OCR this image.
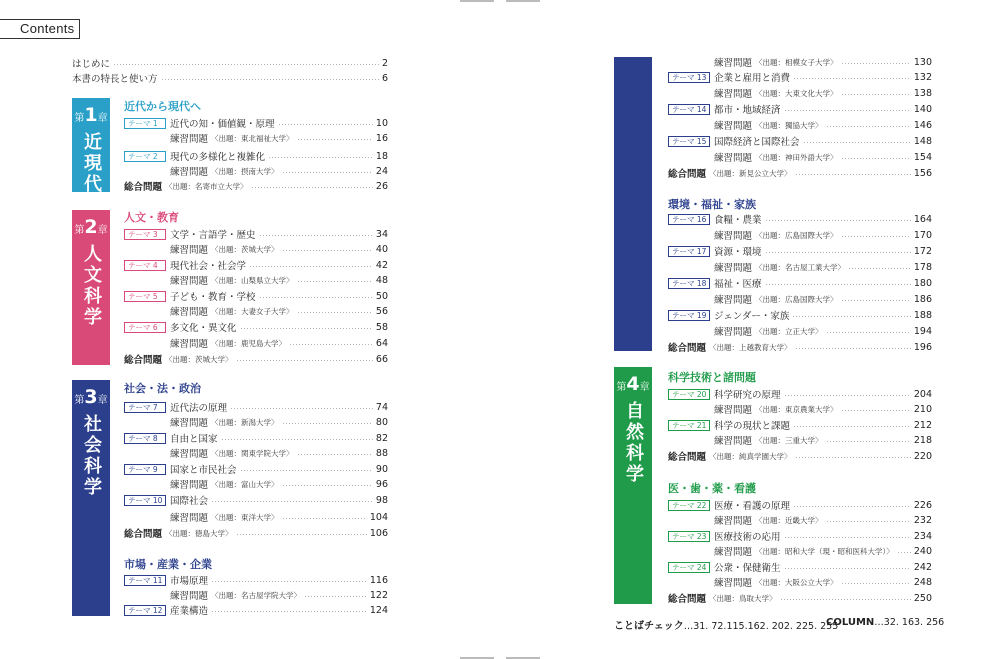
Contents
はじめに	2
本書の特長と使い方	6
第1章
近現代
第2章
人文科学
第3章
社会科学
第4章
自然科学
近代から現代へ
人文・教育
社会・法・政治
市場・産業・企業
環境・福祉・家族
科学技術と諸問題
医・歯・薬・看護
テーマ 1	近代の知・価値観・原理	10
練習問題 〈出題：東北福祉大学〉	16
テーマ 2	現代の多様化と複雑化	18
練習問題 〈出題：摂南大学〉	24
総合問題 〈出題：名寄市立大学〉	26
テーマ 3	文学・言語学・歴史	34
練習問題 〈出題：茨城大学〉	40
テーマ 4	現代社会・社会学	42
練習問題 〈出題：山梨県立大学〉	48
テーマ 5	子ども・教育・学校	50
練習問題 〈出題：大妻女子大学〉	56
テーマ 6	多文化・異文化	58
練習問題 〈出題：鹿児島大学〉	64
総合問題 〈出題：茨城大学〉	66
テーマ 7	近代法の原理	74
練習問題 〈出題：新潟大学〉	80
テーマ 8	自由と国家	82
練習問題 〈出題：関東学院大学〉	88
テーマ 9	国家と市民社会	90
練習問題 〈出題：富山大学〉	96
テーマ 10 国際社会	98
練習問題 〈出題：東洋大学〉	104
総合問題 〈出題：徳島大学〉	106
テーマ 11 市場原理	116
練習問題 〈出題：名古屋学院大学〉	122
テーマ 12 産業構造	124
練習問題 〈出題：相模女子大学〉	130
テーマ 13 企業と雇用と消費	132
練習問題 〈出題：大東文化大学〉	138
テーマ 14 都市・地域経済	140
練習問題 〈出題：獨協大学〉	146
テーマ 15 国際経済と国際社会	148
練習問題 〈出題：神田外語大学〉	154
総合問題 〈出題：新見公立大学〉	156
テーマ 16 食糧・農業	164
練習問題 〈出題：広島国際大学〉	170
テーマ 17 資源・環境	172
練習問題 〈出題：名古屋工業大学〉	178
テーマ 18 福祉・医療	180
練習問題 〈出題：広島国際大学〉	186
テーマ 19 ジェンダー・家族	188
練習問題 〈出題：立正大学〉	194
総合問題 〈出題：上越教育大学〉	196
テーマ 20 科学研究の原理	204
練習問題 〈出題：東京農業大学〉	210
テーマ 21 科学の現状と課題	212
練習問題 〈出題：三重大学〉	218
総合問題 〈出題：純真学園大学〉	220
テーマ 22 医療・看護の原理	226
練習問題 〈出題：近畿大学〉	232
テーマ 23 医療技術の応用	234
練習問題 〈出題：昭和大学（現・昭和医科大学）〉 240
テーマ 24 公衆・保健衛生	242
練習問題 〈出題：大阪公立大学〉	248
総合問題 〈出題：鳥取大学〉	250
ことばチェック…31. 72.115.162. 202. 225. 255
COLUMN…32. 163. 256
